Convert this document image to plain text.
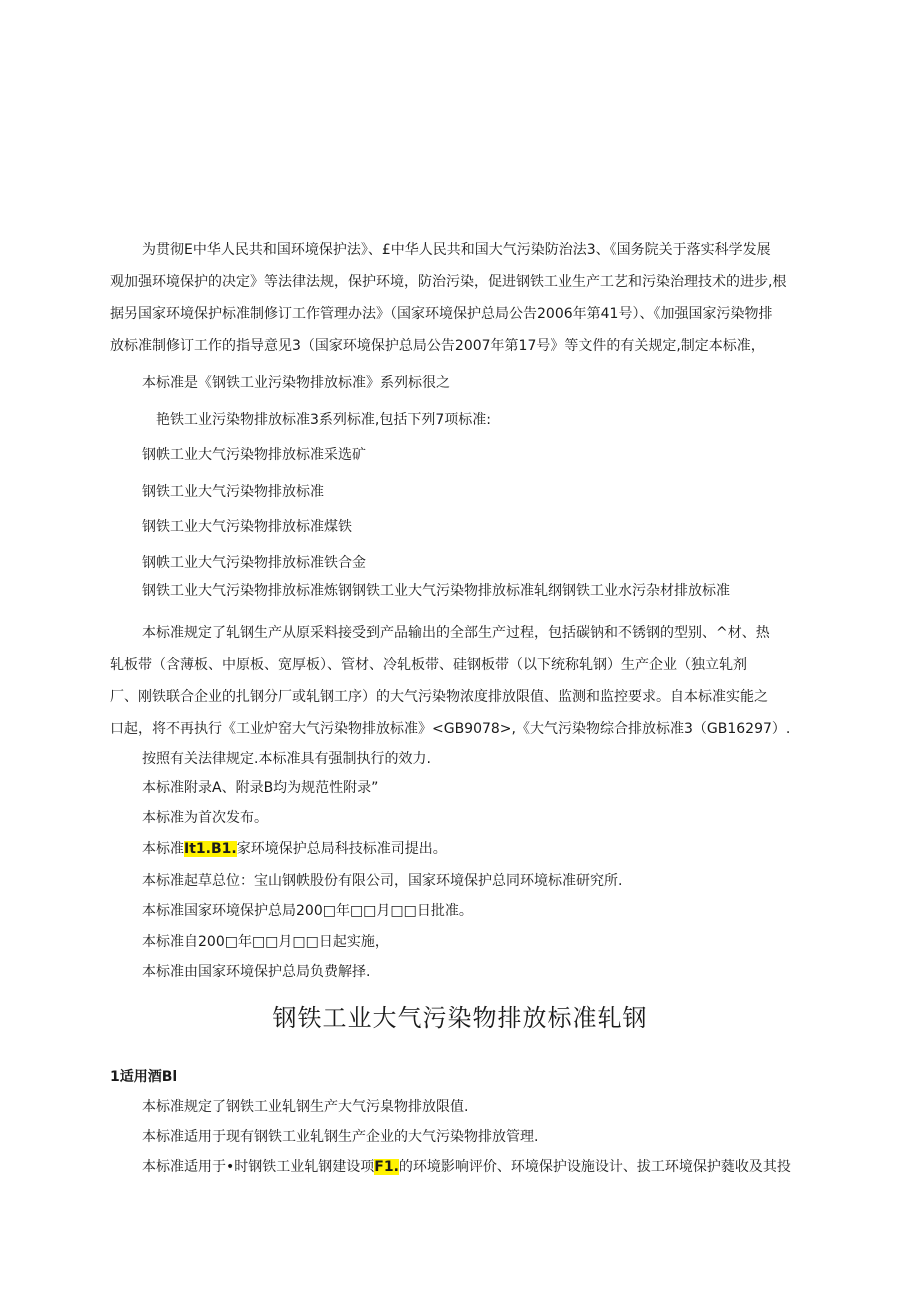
为贯彻E中华人民共和国环境保护法》、£中华人民共和国大气污染防治法3、《国务院关于落实科学发展
观加强环境保护的决定》等法律法规，保护环境，防治污染，促进钢铁工业生产工艺和污染治理技术的进步,根
据另国家环境保护标准制修订工作管理办法》（国家环境保护总局公告2006年第41号）、《加强国家污染物排
放标准制修订工作的指导意见3（国家环境保护总局公告2007年第17号》等文件的有关规定,制定本标准，
本标准是《钢铁工业污染物排放标准》系列标很之
艳铁工业污染物排放标准3系列标准,包括下列7项标准:
钢帙工业大气污染物排放标准采选矿
钢铁工业大气污染物排放标准
钢铁工业大气污染物排放标准煤铁
钢帙工业大气污染物排放标准铁合金
钢铁工业大气污染物排放标准炼钢钢铁工业大气污染物排放标准轧纲钢铁工业水污杂材排放标准
本标准规定了轧钢生产从原采料接受到产品输出的全部生产过程，包括碳钠和不锈钢的型别、^材、热
轧板带（含薄板、中原板、宽厚板）、管材、冷轧板带、硅钢板带（以下统称轧钢）生产企业（独立轧剂
厂、刚铁联合企业的扎钢分厂或轧钢工序）的大气污染物浓度排放限值、监测和监控要求。自本标准实能之
口起，将不再执行《工业炉窑大气污染物排放标准》<GB9078>,《大气污染物综合排放标准3（GB16297）.
按照有关法律规定.本标准具有强制执行的效力.
本标准附录A、附录B均为规范性附录”
本标准为首次发布。
本标准It1.B1.家环境保护总局科技标准司提出。
本标准起草总位：宝山钢帙股份有限公司，国家环境保护总同环境标准研究所.
本标准国家环境保护总局200□年□□月□□日批准。
本标准自200□年□□月□□日起实施，
本标准由国家环境保护总局负费解择.
钢铁工业大气污染物排放标准轧钢
1适用酒Bl
本标准规定了钢铁工业轧钢生产大气污臬物排放限值.
本标准适用于现有钢铁工业轧钢生产企业的大气污染物排放管理.
本标准适用于•时钢铁工业轧钢建设项F1.的环境影响评价、环境保护设施设计、拔工环境保护蕤收及其投
